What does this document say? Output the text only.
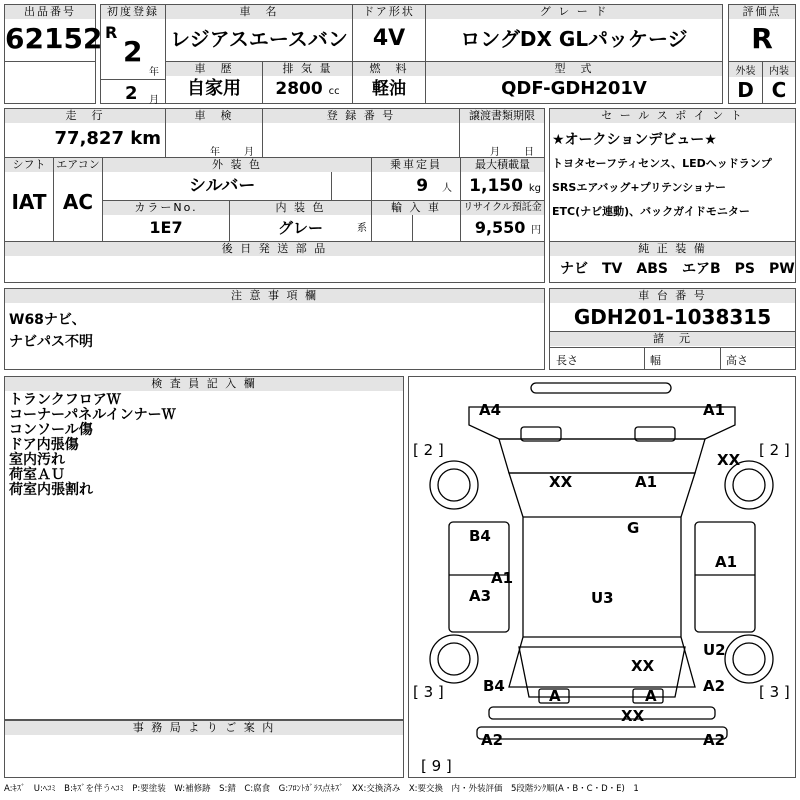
出品番号
62152
初度登録
R
2
年
2 月
車　名
レジアスエースバン
ドア形状
4V
グ レ ー ド
ロングDX GLパッケージ
評価点
R
車　歴
自家用
排 気 量
2800 cc
燃　料
軽油
型　式
QDF-GDH201V
外装
D
内装
C
走　行
77,827 km
車　検
年 月
登 録 番 号	譲渡書類期限
月 日
シフト
IAT
エアコン
AC
外 装 色
シルバー
乗車定員
9 人
最大積載量
1,150 kg
カラーNo.
1E7
内 装 色
グレー	系
輸 入 車	リサイクル預託金
9,550 円
後 日 発 送 部 品
セ ー ル ス ポ イ ン ト
★オークションデビュー★
トヨタセーフティセンス、LEDヘッドランプ
SRSエアバッグ+プリテンショナー
ETC(ナビ連動)、バックガイドモニター
純 正 装 備
ナビ　TV　ABS　エアB　PS　PW
注 意 事 項 欄
W68ナビ、
ナビパス不明
車 台 番 号
GDH201-1038315
諸　元
長さ	幅	高さ
検 査 員 記 入 欄
トランクフロアＷ
コーナーパネルインナーＷ
コンソール傷
ドア内張傷
室内汚れ
荷室ＡＵ
荷室内張割れ
事 務 局 よ り ご 案 内
A4	A1
XX	A1
XX
G
B4
A1
A1
A3	U3
U2
XX
B4
A	A
A2
XX
A2	A2
[ 2 ]	[ 2 ]
[ 3 ]	[ 3 ]
[ 9 ]
A:ｷｽﾞ　U:ﾍｺﾐ　B:ｷｽﾞを伴うﾍｺﾐ　P:要塗装　W:補修跡　S:錆　C:腐食　G:ﾌﾛﾝﾄｶﾞﾗｽ点ｷｽﾞ　XX:交換済み　X:要交換　内・外装評価　5段階ﾗﾝｸ順(A・B・C・D・E)　1
